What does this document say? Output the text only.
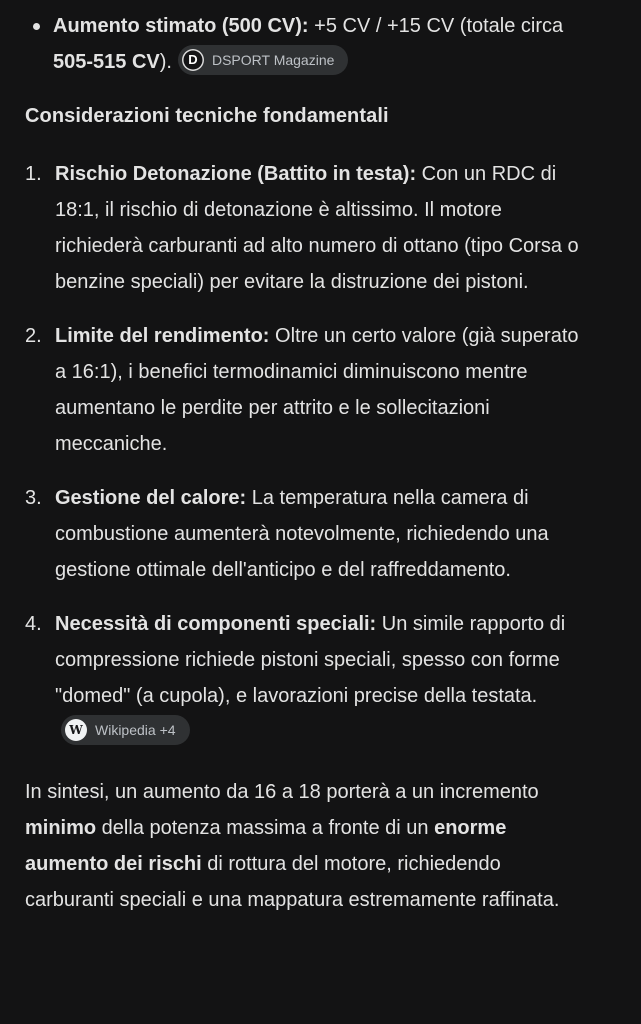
Aumento stimato (500 CV): +5 CV / +15 CV (totale circa 505-515 CV).	D	DSPORT Magazine
Considerazioni tecniche fondamentali
1. Rischio Detonazione (Battito in testa): Con un RDC di 18:1, il rischio di detonazione è altissimo. Il motore richiederà carburanti ad alto numero di ottano (tipo Corsa o benzine speciali) per evitare la distruzione dei pistoni.
2. Limite del rendimento: Oltre un certo valore (già superato a 16:1), i benefici termodinamici diminuiscono mentre aumentano le perdite per attrito e le sollecitazioni meccaniche.
3. Gestione del calore: La temperatura nella camera di combustione aumenterà notevolmente, richiedendo una gestione ottimale dell'anticipo e del raffreddamento.
4. Necessità di componenti speciali: Un simile rapporto di compressione richiede pistoni speciali, spesso con forme "domed" (a cupola), e lavorazioni precise della testata.
W Wikipedia +4

In sintesi, un aumento da 16 a 18 porterà a un incremento minimo della potenza massima a fronte di un enorme aumento dei rischi di rottura del motore, richiedendo carburanti speciali e una mappatura estremamente raffinata.
